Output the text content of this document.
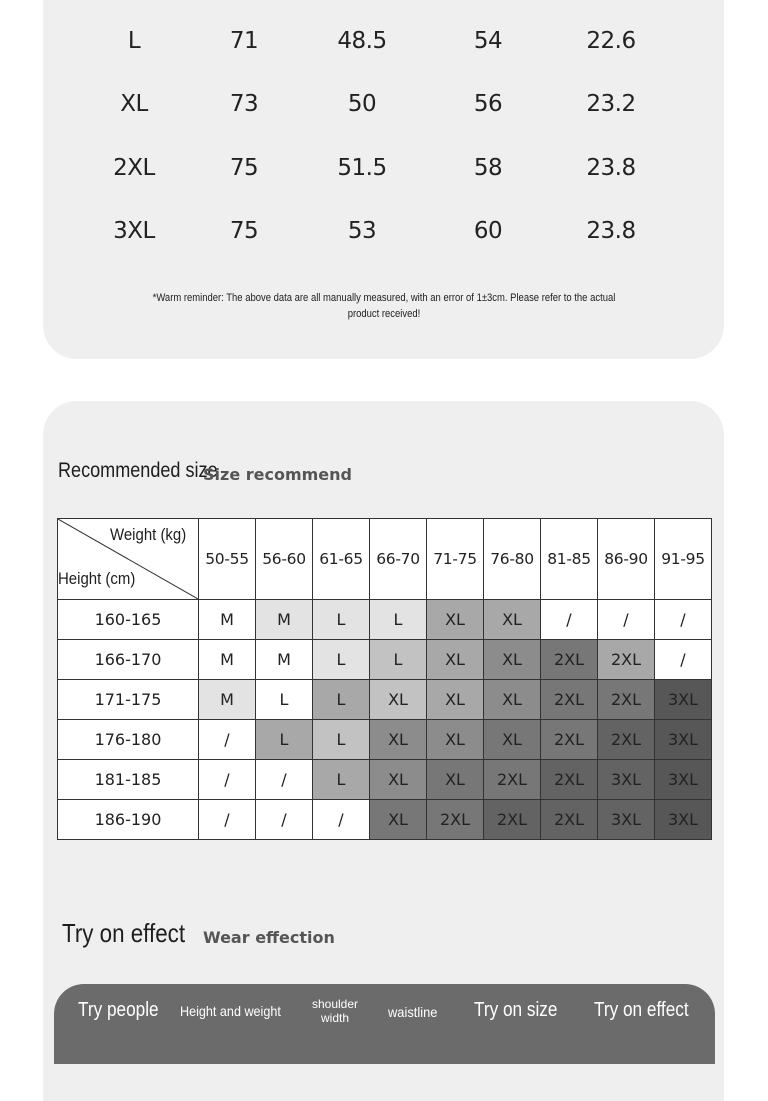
L	71	48.5	54	22.6
XL	73	50	56	23.2
2XL	75	51.5	58	23.8
3XL	75	53	60	23.8
*Warm reminder: The above data are all manually measured, with an error of 1±3cm. Please refer to the actual product received!
Recommended size
Size recommend
Weight (kg)
Height (cm)	50-55	56-60	61-65	66-70	71-75	76-80	81-85	86-90	91-95
160-165	M	M	L	L	XL	XL	/	/	/
166-170	M	M	L	L	XL	XL	2XL	2XL	/
171-175	M	L	L	XL	XL	XL	2XL	2XL	3XL
176-180	/	L	L	XL	XL	XL	2XL	2XL	3XL
181-185	/	/	L	XL	XL	2XL	2XL	3XL	3XL
186-190	/	/	/	XL	2XL	2XL	2XL	3XL	3XL
Try on effect Wear effection
Try people Height and weight	shoulder
width	waistline Try on size Try on effect
